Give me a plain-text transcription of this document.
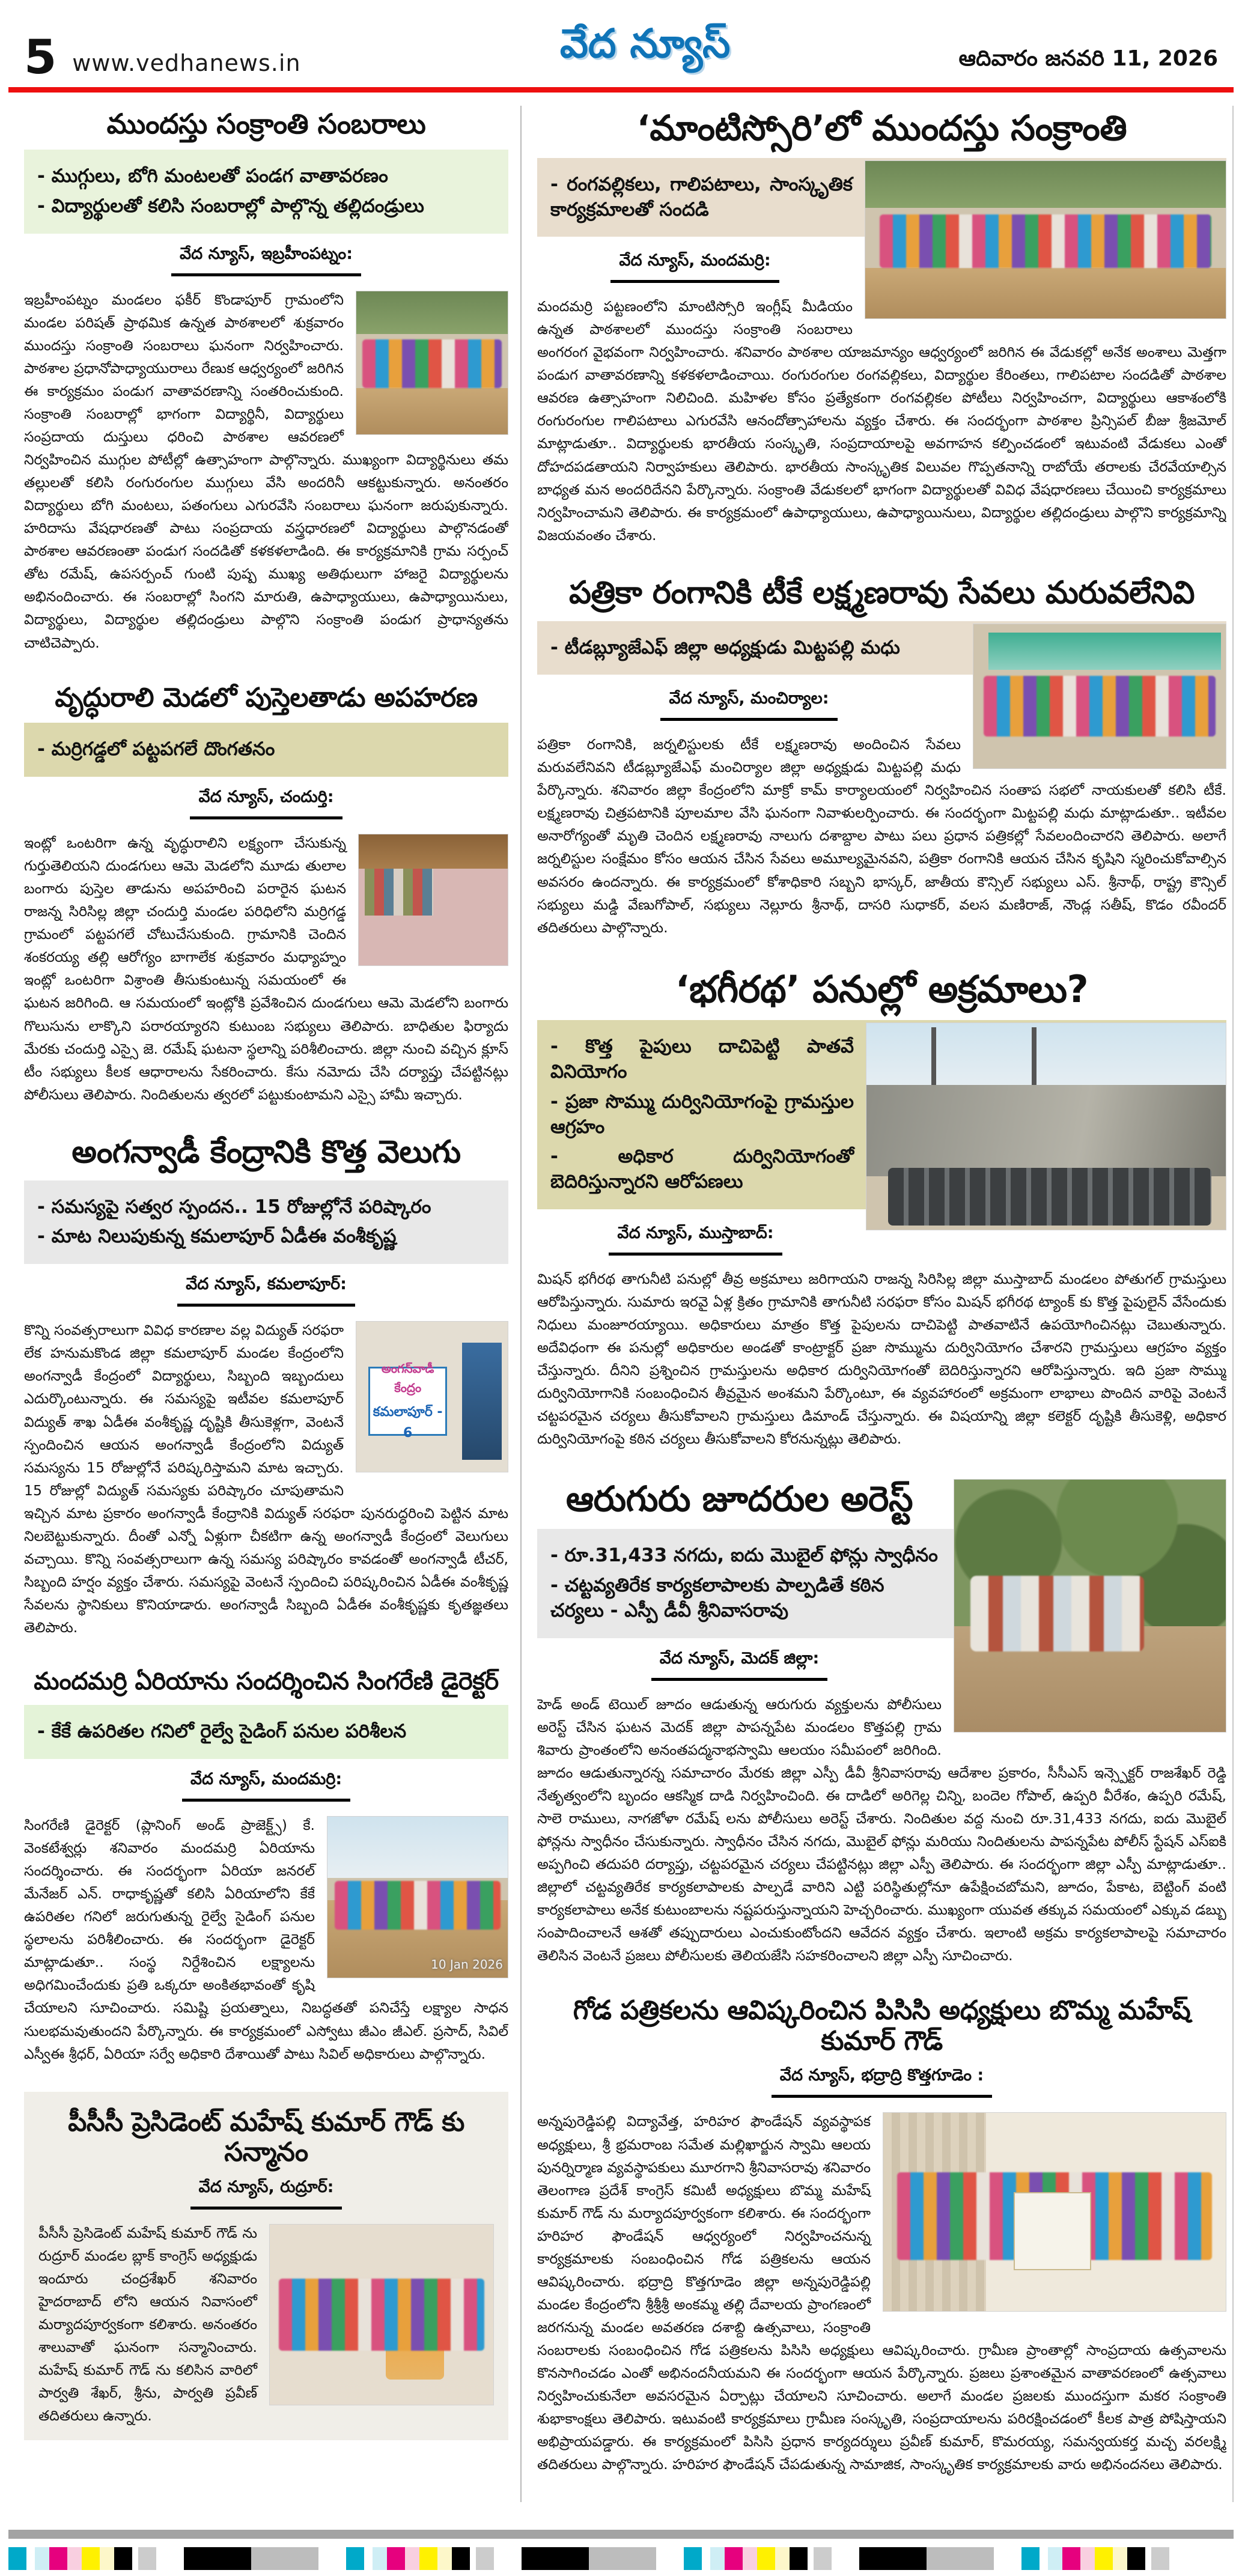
5 www.vedhanews.in	వేద న్యూస్	ఆదివారం జనవరి 11, 2026
ముందస్తు సంక్రాంతి సంబరాలు

- ముగ్గులు, బోగి మంటలతో పండగ వాతావరణం

- విద్యార్థులతో కలిసి సంబరాల్లో పాల్గొన్న తల్లిదండ్రులు

వేద న్యూస్, ఇబ్రహీంపట్నం:
ఇబ్రహీంపట్నం మండలం ఫకీర్ కొండాపూర్ గ్రామంలోని మండల పరిషత్ ప్రాథమిక ఉన్నత పాఠశాలలో శుక్రవారం ముందస్తు సంక్రాంతి సంబరాలు ఘనంగా నిర్వహించారు. పాఠశాల ప్రధానోపాధ్యాయురాలు రేణుక ఆధ్వర్యంలో జరిగిన ఈ కార్యక్రమం పండుగ వాతావరణాన్ని సంతరించుకుంది. సంక్రాంతి సంబరాల్లో భాగంగా విద్యార్థినీ, విద్యార్థులు సంప్రదాయ దుస్తులు ధరించి పాఠశాల ఆవరణలో నిర్వహించిన ముగ్గుల పోటీల్లో ఉత్సాహంగా పాల్గొన్నారు. ముఖ్యంగా విద్యార్థినులు తమ తల్లులతో కలిసి రంగురంగుల ముగ్గులు వేసి అందరినీ ఆకట్టుకున్నారు. అనంతరం విద్యార్థులు బోగి మంటలు, పతంగులు ఎగురవేసి సంబరాలు ఘనంగా జరుపుకున్నారు. హరిదాసు వేషధారణతో పాటు సంప్రదాయ వస్త్రధారణలో విద్యార్థులు పాల్గొనడంతో పాఠశాల ఆవరణంతా పండుగ సందడితో కళకళలాడింది. ఈ కార్యక్రమానికి గ్రామ సర్పంచ్ తోట రమేష్, ఉపసర్పంచ్ గుంటి పుష్ప ముఖ్య అతిథులుగా హాజరై విద్యార్థులను అభినందించారు. ఈ సంబరాల్లో సింగని మారుతి, ఉపాధ్యాయులు, ఉపాధ్యాయినులు, విద్యార్థులు, విద్యార్థుల తల్లిదండ్రులు పాల్గొని సంక్రాంతి పండుగ ప్రాధాన్యతను చాటిచెప్పారు.
వృద్ధురాలి మెడలో పుస్తెలతాడు అపహరణ

- మర్రిగడ్డలో పట్టపగలే దొంగతనం

వేద న్యూస్, చందుర్తి:
ఇంట్లో ఒంటరిగా ఉన్న వృద్ధురాలిని లక్ష్యంగా చేసుకున్న గుర్తుతెలియని దుండగులు ఆమె మెడలోని మూడు తులాల బంగారు పుస్తెల తాడును అపహరించి పరారైన ఘటన రాజన్న సిరిసిల్ల జిల్లా చందుర్తి మండల పరిధిలోని మర్రిగడ్డ గ్రామంలో పట్టపగలే చోటుచేసుకుంది. గ్రామానికి చెందిన శంకరయ్య తల్లి ఆరోగ్యం బాగాలేక శుక్రవారం మధ్యాహ్నం ఇంట్లో ఒంటరిగా విశ్రాంతి తీసుకుంటున్న సమయంలో ఈ ఘటన జరిగింది. ఆ సమయంలో ఇంట్లోకి ప్రవేశించిన దుండగులు ఆమె మెడలోని బంగారు గొలుసును లాక్కొని పరారయ్యారని కుటుంబ సభ్యులు తెలిపారు. బాధితుల ఫిర్యాదు మేరకు చందుర్తి ఎస్సై జె. రమేష్ ఘటనా స్థలాన్ని పరిశీలించారు. జిల్లా నుంచి వచ్చిన క్లూస్ టీం సభ్యులు కీలక ఆధారాలను సేకరించారు. కేసు నమోదు చేసి దర్యాప్తు చేపట్టినట్లు పోలీసులు తెలిపారు. నిందితులను త్వరలో పట్టుకుంటామని ఎస్సై హామీ ఇచ్చారు.
అంగన్వాడీ కేంద్రానికి కొత్త వెలుగు

- సమస్యపై సత్వర స్పందన.. 15 రోజుల్లోనే పరిష్కారం

- మాట నిలుపుకున్న కమలాపూర్ ఏడీఈ వంశీకృష్ణ

వేద న్యూస్, కమలాపూర్:
అంగన్‌వాడీ కేంద్రం
కమలాపూర్ - 6
కొన్ని సంవత్సరాలుగా వివిధ కారణాల వల్ల విద్యుత్ సరఫరా లేక హనుమకొండ జిల్లా కమలాపూర్ మండల కేంద్రంలోని అంగన్వాడీ కేంద్రంలో విద్యార్థులు, సిబ్బంది ఇబ్బందులు ఎదుర్కొంటున్నారు. ఈ సమస్యపై ఇటీవల కమలాపూర్ విద్యుత్ శాఖ ఏడీఈ వంశీకృష్ణ దృష్టికి తీసుకెళ్లగా, వెంటనే స్పందించిన ఆయన అంగన్వాడీ కేంద్రంలోని విద్యుత్ సమస్యను 15 రోజుల్లోనే పరిష్కరిస్తామని మాట ఇచ్చారు. 15 రోజుల్లో విద్యుత్ సమస్యకు పరిష్కారం చూపుతామని ఇచ్చిన మాట ప్రకారం అంగన్వాడీ కేంద్రానికి విద్యుత్ సరఫరా పునరుద్ధరించి పెట్టిన మాట నిలబెట్టుకున్నారు. దీంతో ఎన్నో ఏళ్లుగా చీకటిగా ఉన్న అంగన్వాడీ కేంద్రంలో వెలుగులు వచ్చాయి. కొన్ని సంవత్సరాలుగా ఉన్న సమస్య పరిష్కారం కావడంతో అంగన్వాడీ టీచర్, సిబ్బంది హర్షం వ్యక్తం చేశారు. సమస్యపై వెంటనే స్పందించి పరిష్కరించిన ఏడీఈ వంశీకృష్ణ సేవలను స్థానికులు కొనియాడారు. అంగన్వాడీ సిబ్బంది ఏడీఈ వంశీకృష్ణకు కృతజ్ఞతలు తెలిపారు.
మందమర్రి ఏరియాను సందర్శించిన సింగరేణి డైరెక్టర్

- కేకే ఉపరితల గనిలో రైల్వే సైడింగ్ పనుల పరిశీలన

వేద న్యూస్, మందమర్రి:
10 Jan 2026
సింగరేణి డైరెక్టర్ (ప్లానింగ్ అండ్ ప్రాజెక్ట్స్) కే. వెంకటేశ్వర్లు శనివారం మందమర్రి ఏరియాను సందర్శించారు. ఈ సందర్భంగా ఏరియా జనరల్ మేనేజర్ ఎన్. రాధాకృష్ణతో కలిసి ఏరియాలోని కేకే ఉపరితల గనిలో జరుగుతున్న రైల్వే సైడింగ్ పనుల స్థలాలను పరిశీలించారు. ఈ సందర్భంగా డైరెక్టర్ మాట్లాడుతూ.. సంస్థ నిర్దేశించిన లక్ష్యాలను అధిగమించేందుకు ప్రతి ఒక్కరూ అంకితభావంతో కృషి చేయాలని సూచించారు. సమిష్టి ప్రయత్నాలు, నిబద్ధతతో పనిచేస్తే లక్ష్యాల సాధన సులభమవుతుందని పేర్కొన్నారు. ఈ కార్యక్రమంలో ఎస్వోటు జీఎం జీఎల్. ప్రసాద్, సివిల్ ఎస్వీఈ శ్రీధర్, ఏరియా సర్వే అధికారి దేశాయితో పాటు సివిల్ అధికారులు పాల్గొన్నారు.
పీసీసీ ప్రెసిడెంట్ మహేష్ కుమార్ గౌడ్ కు సన్మానం
వేద న్యూస్, రుద్రూర్:
పీసీసీ ప్రెసిడెంట్ మహేష్ కుమార్ గౌడ్ ను రుద్రూర్ మండల బ్లాక్ కాంగ్రెస్ అధ్యక్షుడు ఇందూరు చంద్రశేఖర్ శనివారం హైదరాబాద్ లోని ఆయన నివాసంలో మర్యాదపూర్వకంగా కలిశారు. అనంతరం శాలువాతో ఘనంగా సన్మానించారు. మహేష్ కుమార్ గౌడ్ ను కలిసిన వారిలో పార్వతి శేఖర్, శ్రీను, పార్వతి ప్రవీణ్ తదితరులు ఉన్నారు.
‘మాంటిస్సోరి’లో ముందస్తు సంక్రాంతి

- రంగవల్లికలు, గాలిపటాలు, సాంస్కృతిక కార్యక్రమాలతో సందడి

వేద న్యూస్, మందమర్రి:
మందమర్రి పట్టణంలోని మాంటిస్సోరి ఇంగ్లీష్ మీడియం ఉన్నత పాఠశాలలో ముందస్తు సంక్రాంతి సంబరాలు అంగరంగ వైభవంగా నిర్వహించారు. శనివారం పాఠశాల యాజమాన్యం ఆధ్వర్యంలో జరిగిన ఈ వేడుకల్లో అనేక అంశాలు మెత్తగా పండుగ వాతావరణాన్ని కళకళలాడించాయి. రంగురంగుల రంగవల్లికలు, విద్యార్థుల కేరింతలు, గాలిపటాల సందడితో పాఠశాల ఆవరణ ఉత్సాహంగా నిలిచింది. మహిళల కోసం ప్రత్యేకంగా రంగవల్లికల పోటీలు నిర్వహించగా, విద్యార్థులు ఆకాశంలోకి రంగురంగుల గాలిపటాలు ఎగురవేసి ఆనందోత్సాహాలను వ్యక్తం చేశారు. ఈ సందర్భంగా పాఠశాల ప్రిన్సిపల్ బీజు శ్రీజమోల్ మాట్లాడుతూ.. విద్యార్థులకు భారతీయ సంస్కృతి, సంప్రదాయాలపై అవగాహన కల్పించడంలో ఇటువంటి వేడుకలు ఎంతో దోహదపడతాయని నిర్వాహకులు తెలిపారు. భారతీయ సాంస్కృతిక విలువల గొప్పతనాన్ని రాబోయే తరాలకు చేరవేయాల్సిన బాధ్యత మన అందరిదేనని పేర్కొన్నారు. సంక్రాంతి వేడుకలలో భాగంగా విద్యార్థులతో వివిధ వేషధారణలు చేయించి కార్యక్రమాలు నిర్వహించామని తెలిపారు. ఈ కార్యక్రమంలో ఉపాధ్యాయులు, ఉపాధ్యాయినులు, విద్యార్థుల తల్లిదండ్రులు పాల్గొని కార్యక్రమాన్ని విజయవంతం చేశారు.
పత్రికా రంగానికి టీకే లక్ష్మణరావు సేవలు మరువలేనివి

- టీడబ్ల్యూజేఎఫ్ జిల్లా అధ్యక్షుడు మిట్టపల్లి మధు

వేద న్యూస్, మంచిర్యాల:
పత్రికా రంగానికి, జర్నలిస్టులకు టీకే లక్ష్మణరావు అందించిన సేవలు మరువలేనివని టీడబ్ల్యూజేఎఫ్ మంచిర్యాల జిల్లా అధ్యక్షుడు మిట్టపల్లి మధు పేర్కొన్నారు. శనివారం జిల్లా కేంద్రంలోని మాక్రో కామ్ కార్యాలయంలో నిర్వహించిన సంతాప సభలో నాయకులతో కలిసి టీకే. లక్ష్మణరావు చిత్రపటానికి పూలమాల వేసి ఘనంగా నివాళులర్పించారు. ఈ సందర్భంగా మిట్టపల్లి మధు మాట్లాడుతూ.. ఇటీవల అనారోగ్యంతో మృతి చెందిన లక్ష్మణరావు నాలుగు దశాబ్దాల పాటు పలు ప్రధాన పత్రికల్లో సేవలందించారని తెలిపారు. అలాగే జర్నలిస్టుల సంక్షేమం కోసం ఆయన చేసిన సేవలు అమూల్యమైనవని, పత్రికా రంగానికి ఆయన చేసిన కృషిని స్మరించుకోవాల్సిన అవసరం ఉందన్నారు. ఈ కార్యక్రమంలో కోశాధికారి సబ్బని భాస్కర్, జాతీయ కౌన్సిల్ సభ్యులు ఎస్. శ్రీనాథ్, రాష్ట్ర కౌన్సిల్ సభ్యులు మడ్డి వేణుగోపాల్, సభ్యులు నెల్లూరు శ్రీనాథ్, దాసరి సుధాకర్, వలస మణిరాజ్, నౌండ్ల సతీష్, కొడం రవీందర్ తదితరులు పాల్గొన్నారు.
‘భగీరథ’ పనుల్లో అక్రమాలు?

- కొత్త పైపులు దాచిపెట్టి పాతవే వినియోగం

- ప్రజా సొమ్ము దుర్వినియోగంపై గ్రామస్తుల ఆగ్రహం

- అధికార దుర్వినియోగంతో బెదిరిస్తున్నారని ఆరోపణలు

వేద న్యూస్, ముస్తాబాద్:
మిషన్ భగీరథ తాగునీటి పనుల్లో తీవ్ర అక్రమాలు జరిగాయని రాజన్న సిరిసిల్ల జిల్లా ముస్తాబాద్ మండలం పోతుగల్ గ్రామస్తులు ఆరోపిస్తున్నారు. సుమారు ఇరవై ఏళ్ల క్రితం గ్రామానికి తాగునీటి సరఫరా కోసం మిషన్ భగీరథ ట్యాంక్ కు కొత్త పైపులైన్ వేసేందుకు నిధులు మంజూరయ్యాయి. అధికారులు మాత్రం కొత్త పైపులను దాచిపెట్టి పాతవాటినే ఉపయోగించినట్లు చెబుతున్నారు. అదేవిధంగా ఈ పనుల్లో అధికారుల అండతో కాంట్రాక్టర్ ప్రజా సొమ్మును దుర్వినియోగం చేశారని గ్రామస్తులు ఆగ్రహం వ్యక్తం చేస్తున్నారు. దీనిని ప్రశ్నించిన గ్రామస్తులను అధికార దుర్వినియోగంతో బెదిరిస్తున్నారని ఆరోపిస్తున్నారు. ఇది ప్రజా సొమ్ము దుర్వినియోగానికి సంబంధించిన తీవ్రమైన అంశమని పేర్కొంటూ, ఈ వ్యవహారంలో అక్రమంగా లాభాలు పొందిన వారిపై వెంటనే చట్టపరమైన చర్యలు తీసుకోవాలని గ్రామస్తులు డిమాండ్ చేస్తున్నారు. ఈ విషయాన్ని జిల్లా కలెక్టర్ దృష్టికి తీసుకెళ్లి, అధికార దుర్వినియోగంపై కఠిన చర్యలు తీసుకోవాలని కోరనున్నట్లు తెలిపారు.
ఆరుగురు జూదరుల అరెస్ట్

- రూ.31,433 నగదు, ఐదు మొబైల్ ఫోన్లు స్వాధీనం

- చట్టవ్యతిరేక కార్యకలాపాలకు పాల్పడితే కఠిన చర్యలు - ఎస్పీ డీవీ శ్రీనివాసరావు

వేద న్యూస్, మెదక్ జిల్లా:
హెడ్ అండ్ టెయిల్ జూదం ఆడుతున్న ఆరుగురు వ్యక్తులను పోలీసులు అరెస్ట్ చేసిన ఘటన మెదక్ జిల్లా పాపన్నపేట మండలం కొత్తపల్లి గ్రామ శివారు ప్రాంతంలోని అనంతపద్మనాభస్వామి ఆలయం సమీపంలో జరిగింది. జూదం ఆడుతున్నారన్న సమాచారం మేరకు జిల్లా ఎస్పీ డీవీ శ్రీనివాసరావు ఆదేశాల ప్రకారం, సీసీఎస్ ఇన్స్పెక్టర్ రాజశేఖర్ రెడ్డి నేతృత్వంలోని బృందం ఆకస్మిక దాడి నిర్వహించింది. ఈ దాడిలో అరిగెల్ల చిన్ని, బందెల గోపాల్, ఉప్పరి వీరేశం, ఉప్పరి రమేష్, సాలె రాములు, నాగజోళా రమేష్ లను పోలీసులు అరెస్ట్ చేశారు. నిందితుల వద్ద నుంచి రూ.31,433 నగదు, ఐదు మొబైల్ ఫోన్లను స్వాధీనం చేసుకున్నారు. స్వాధీనం చేసిన నగదు, మొబైల్ ఫోన్లు మరియు నిందితులను పాపన్నపేట పోలీస్ స్టేషన్ ఎస్ఐకి అప్పగించి తదుపరి దర్యాప్తు, చట్టపరమైన చర్యలు చేపట్టినట్లు జిల్లా ఎస్పీ తెలిపారు. ఈ సందర్భంగా జిల్లా ఎస్పీ మాట్లాడుతూ.. జిల్లాలో చట్టవ్యతిరేక కార్యకలాపాలకు పాల్పడే వారిని ఎట్టి పరిస్థితుల్లోనూ ఉపేక్షించబోమని, జూదం, పేకాట, బెట్టింగ్ వంటి కార్యకలాపాలు అనేక కుటుంబాలను నష్టపరుస్తున్నాయని హెచ్చరించారు. ముఖ్యంగా యువత తక్కువ సమయంలో ఎక్కువ డబ్బు సంపాదించాలనే ఆశతో తప్పుదారులు ఎంచుకుంటోందని ఆవేదన వ్యక్తం చేశారు. ఇలాంటి అక్రమ కార్యకలాపాలపై సమాచారం తెలిసిన వెంటనే ప్రజలు పోలీసులకు తెలియజేసి సహకరించాలని జిల్లా ఎస్పీ సూచించారు.
గోడ పత్రికలను ఆవిష్కరించిన పిసిసి అధ్యక్షులు బొమ్మ మహేష్ కుమార్ గౌడ్
వేద న్యూస్, భద్రాద్రి కొత్తగూడెం :
అన్నపురెడ్డిపల్లి విద్యావేత్త, హరిహర ఫౌండేషన్ వ్యవస్థాపక అధ్యక్షులు, శ్రీ భ్రమరాంబ సమేత మల్లిఖార్జున స్వామి ఆలయ పునర్నిర్మాణ వ్యవస్థాపకులు మూరగాని శ్రీనివాసరావు శనివారం తెలంగాణ ప్రదేశ్ కాంగ్రెస్ కమిటీ అధ్యక్షులు బొమ్మ మహేష్ కుమార్ గౌడ్ ను మర్యాదపూర్వకంగా కలిశారు. ఈ సందర్భంగా హరిహర ఫౌండేషన్ ఆధ్వర్యంలో నిర్వహించనున్న కార్యక్రమాలకు సంబంధించిన గోడ పత్రికలను ఆయన ఆవిష్కరించారు. భద్రాద్రి కొత్తగూడెం జిల్లా అన్నపురెడ్డిపల్లి మండల కేంద్రంలోని శ్రీశ్రీశ్రీ అంకమ్మ తల్లి దేవాలయ ప్రాంగణంలో జరగనున్న మండల అవతరణ దశాబ్ది ఉత్సవాలు, సంక్రాంతి సంబరాలకు సంబంధించిన గోడ పత్రికలను పిసిసి అధ్యక్షులు ఆవిష్కరించారు. గ్రామీణ ప్రాంతాల్లో సాంప్రదాయ ఉత్సవాలను కొనసాగించడం ఎంతో అభినందనీయమని ఈ సందర్భంగా ఆయన పేర్కొన్నారు. ప్రజలు ప్రశాంతమైన వాతావరణంలో ఉత్సవాలు నిర్వహించుకునేలా అవసరమైన ఏర్పాట్లు చేయాలని సూచించారు. అలాగే మండల ప్రజలకు ముందస్తుగా మకర సంక్రాంతి శుభాకాంక్షలు తెలిపారు. ఇటువంటి కార్యక్రమాలు గ్రామీణ సంస్కృతి, సంప్రదాయాలను పరిరక్షించడంలో కీలక పాత్ర పోషిస్తాయని అభిప్రాయపడ్డారు. ఈ కార్యక్రమంలో పిసిసి ప్రధాన కార్యదర్శులు ప్రవీణ్ కుమార్, కొమరయ్య, సమన్వయకర్త మచ్చ వరలక్ష్మి తదితరులు పాల్గొన్నారు. హరిహర ఫౌండేషన్ చేపడుతున్న సామాజిక, సాంస్కృతిక కార్యక్రమాలకు వారు అభినందనలు తెలిపారు.
